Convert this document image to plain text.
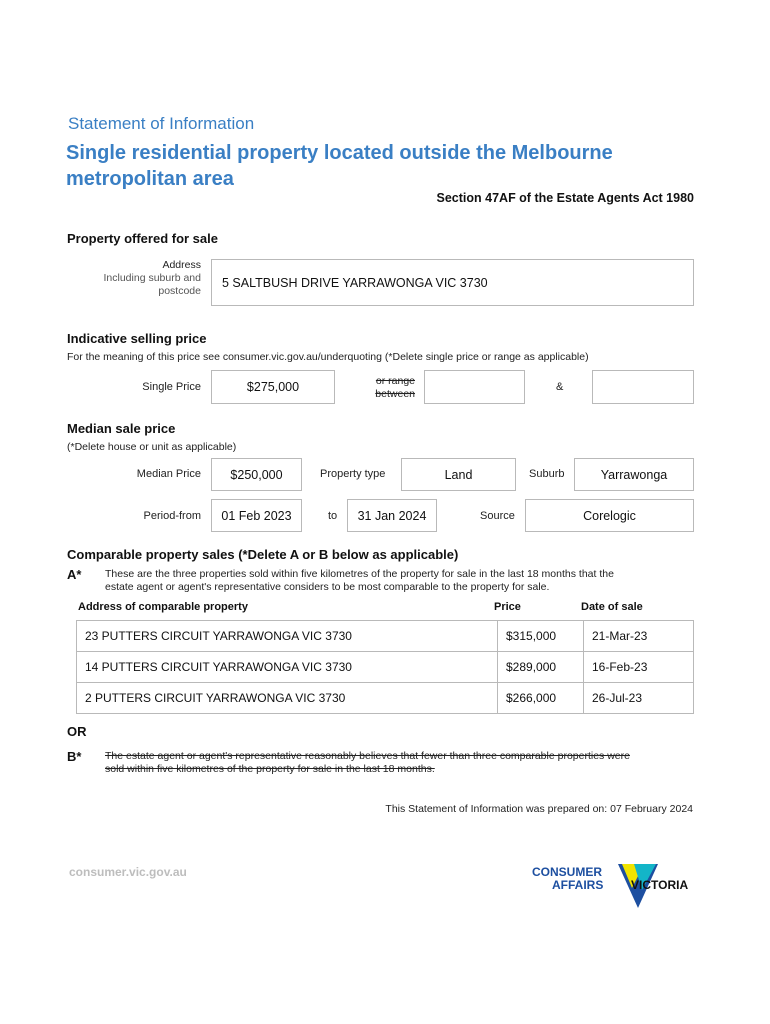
Statement of Information
Single residential property located outside the Melbourne metropolitan area
Section 47AF of the Estate Agents Act 1980
Property offered for sale
Address
Including suburb and
postcode
5 SALTBUSH DRIVE YARRAWONGA VIC 3730
Indicative selling price
For the meaning of this price see consumer.vic.gov.au/underquoting (*Delete single price or range as applicable)
Single Price	$275,000	or range
between
&
Median sale price
(*Delete house or unit as applicable)
Median Price	$250,000	Property type	Land	Suburb	Yarrawonga
Period-from	01 Feb 2023	to	31 Jan 2024	Source	Corelogic
Comparable property sales (*Delete A or B below as applicable)
A* These are the three properties sold within five kilometres of the property for sale in the last 18 months that the
estate agent or agent's representative considers to be most comparable to the property for sale.
Address of comparable property	Price	Date of sale
23 PUTTERS CIRCUIT YARRAWONGA VIC 3730	$315,000	21-Mar-23
14 PUTTERS CIRCUIT YARRAWONGA VIC 3730	$289,000	16-Feb-23
2 PUTTERS CIRCUIT YARRAWONGA VIC 3730	$266,000	26-Jul-23
OR
B* The estate agent or agent's representative reasonably believes that fewer than three comparable properties were
sold within five kilometres of the property for sale in the last 18 months.
This Statement of Information was prepared on: 07 February 2024
consumer.vic.gov.au	CONSUMER
AFFAIRS VICTORIA
